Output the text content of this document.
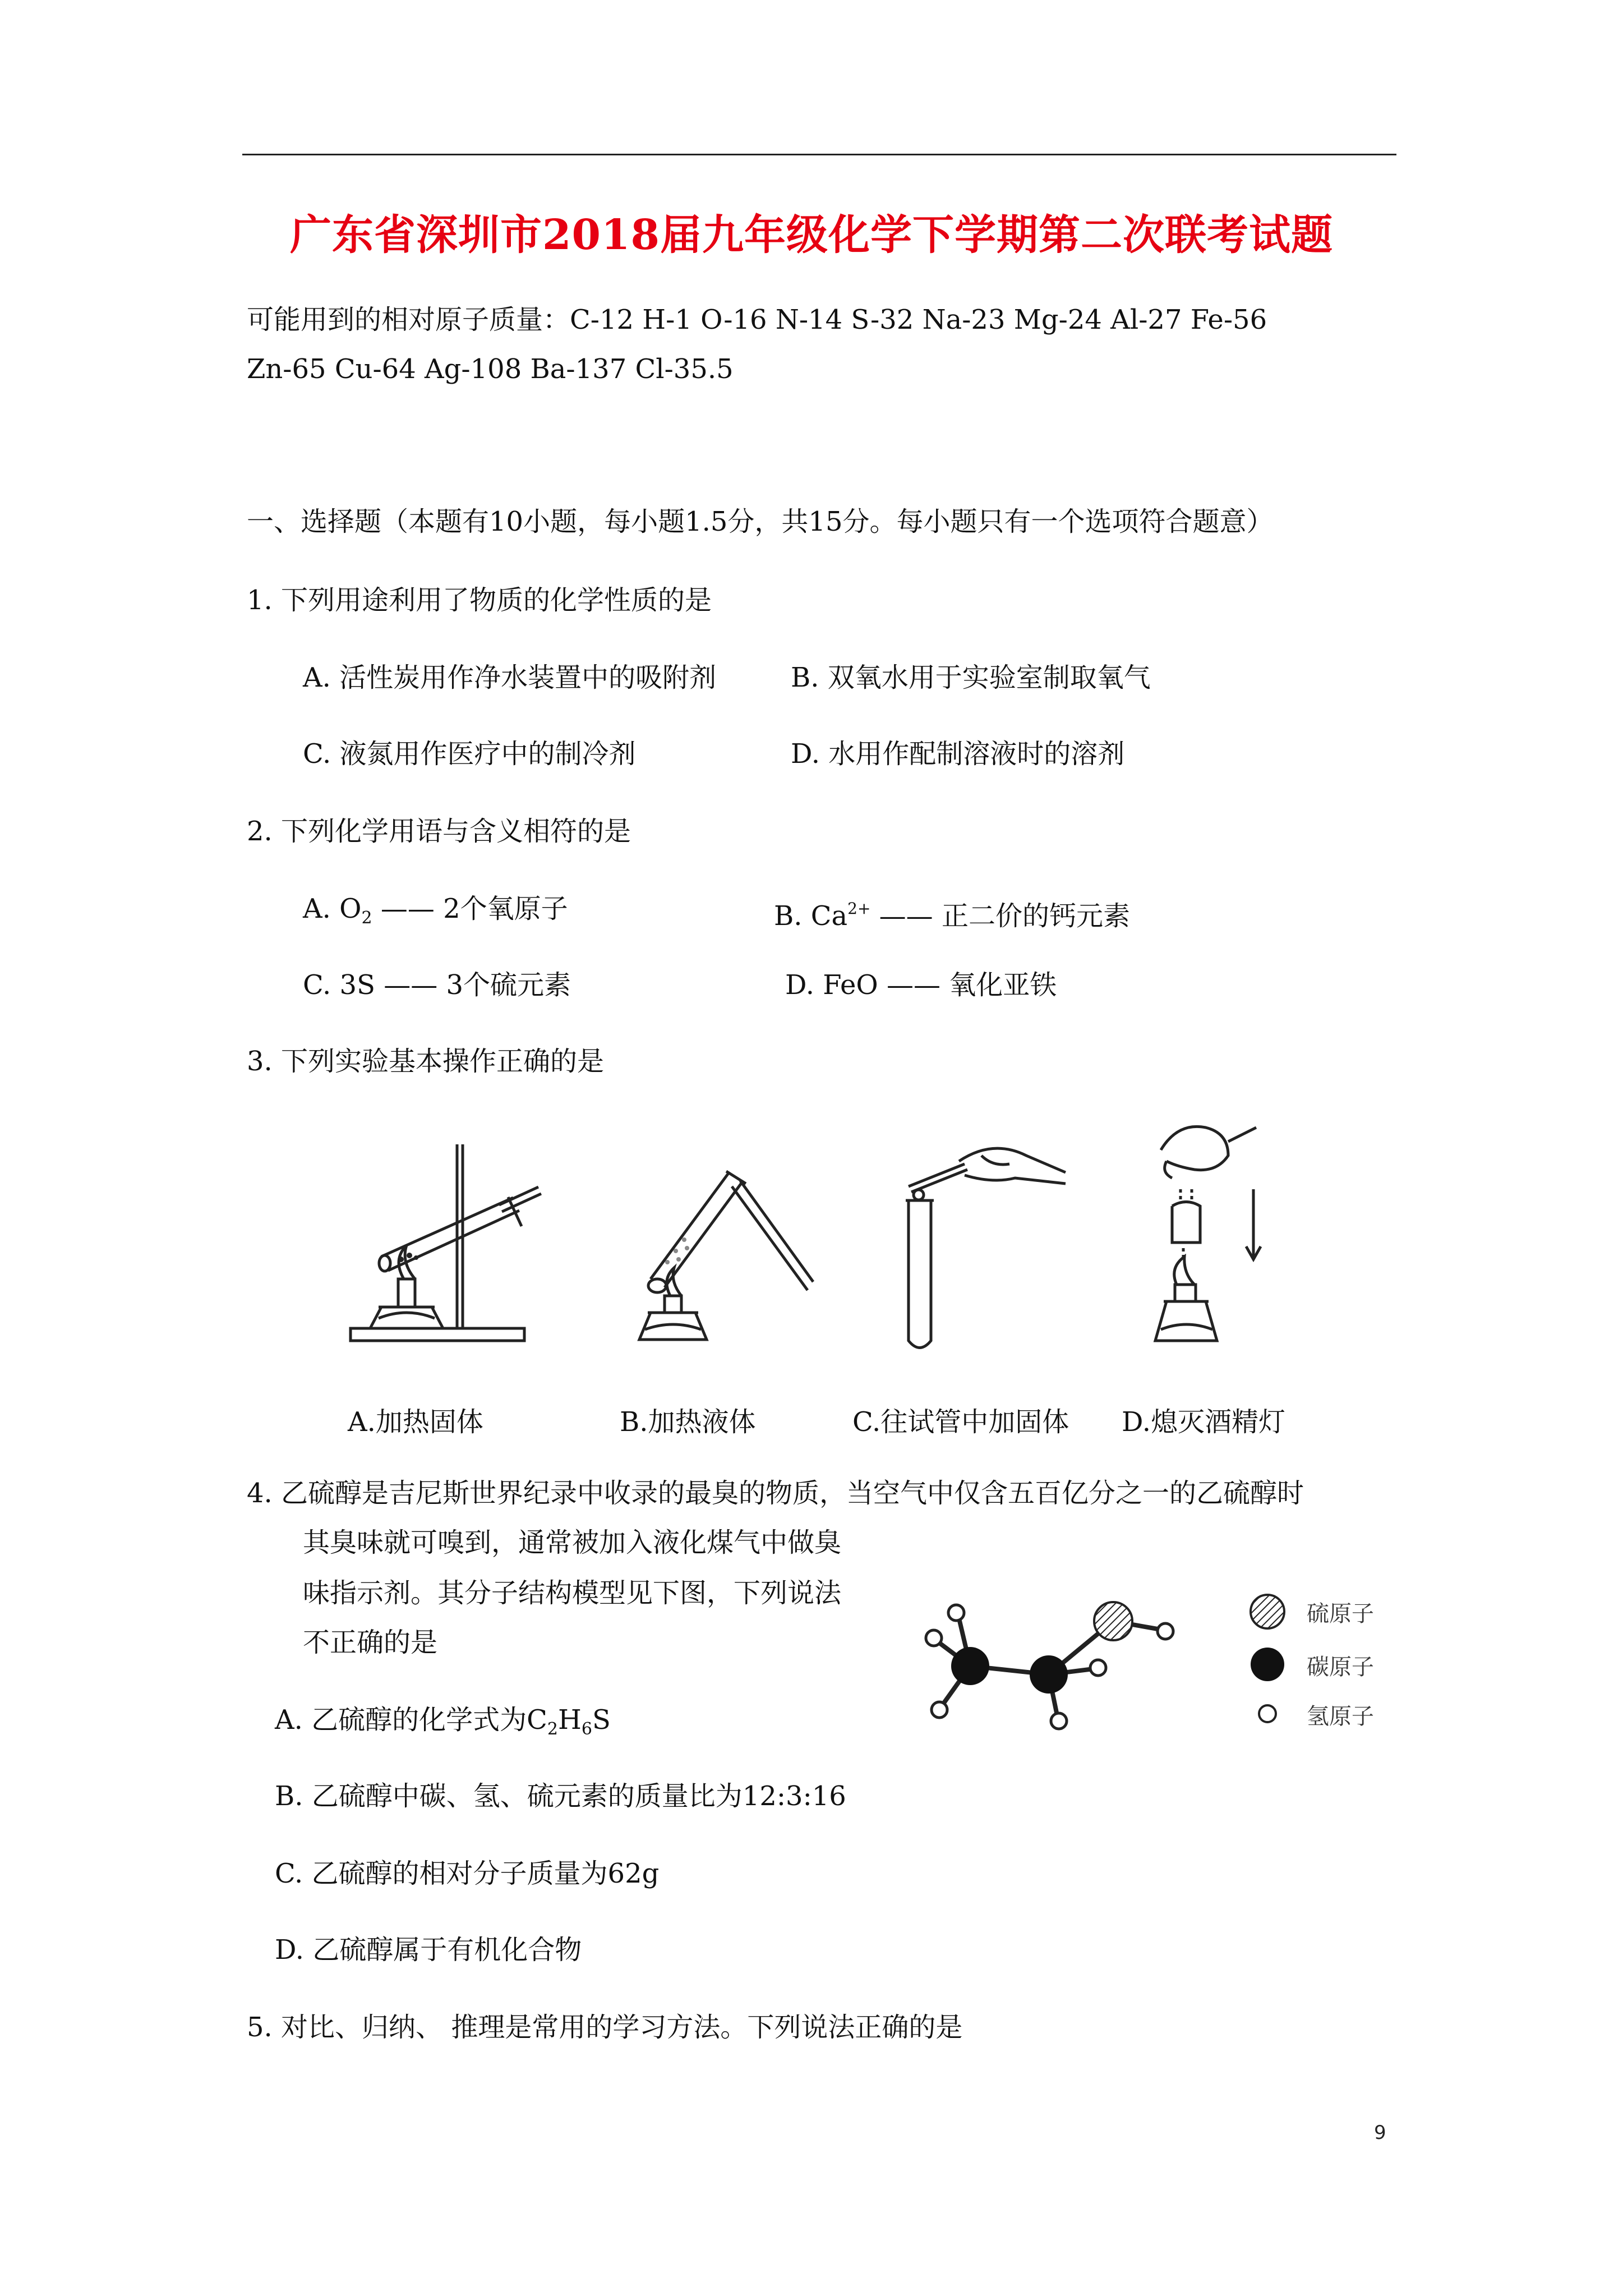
广东省深圳市2018届九年级化学下学期第二次联考试题
可能用到的相对原子质量：C-12 H-1 O-16 N-14 S-32 Na-23 Mg-24 Al-27 Fe-56
Zn-65 Cu-64 Ag-108 Ba-137 Cl-35.5
一、选择题（本题有10小题，每小题1.5分，共15分。每小题只有一个选项符合题意）
1. 下列用途利用了物质的化学性质的是
A. 活性炭用作净水装置中的吸附剂	B. 双氧水用于实验室制取氧气
C. 液氮用作医疗中的制冷剂	D. 水用作配制溶液时的溶剂
2. 下列化学用语与含义相符的是
A. $O_2$ —— 2个氧原子	B. $Ca^{2+}$ —— 正二价的钙元素
C. 3S —— 3个硫元素	D. FeO —— 氧化亚铁
3. 下列实验基本操作正确的是
A.加热固体	B.加热液体	C.往试管中加固体 D.熄灭酒精灯
4. 乙硫醇是吉尼斯世界纪录中收录的最臭的物质，当空气中仅含五百亿分之一的乙硫醇时
其臭味就可嗅到，通常被加入液化煤气中做臭
味指示剂。其分子结构模型见下图，下列说法
不正确的是
硫原子
碳原子
氢原子
A. 乙硫醇的化学式为$C_2H_6S$
B. 乙硫醇中碳、氢、硫元素的质量比为12:3:16
C. 乙硫醇的相对分子质量为62g
D. 乙硫醇属于有机化合物
5. 对比、归纳、 推理是常用的学习方法。下列说法正确的是
9
